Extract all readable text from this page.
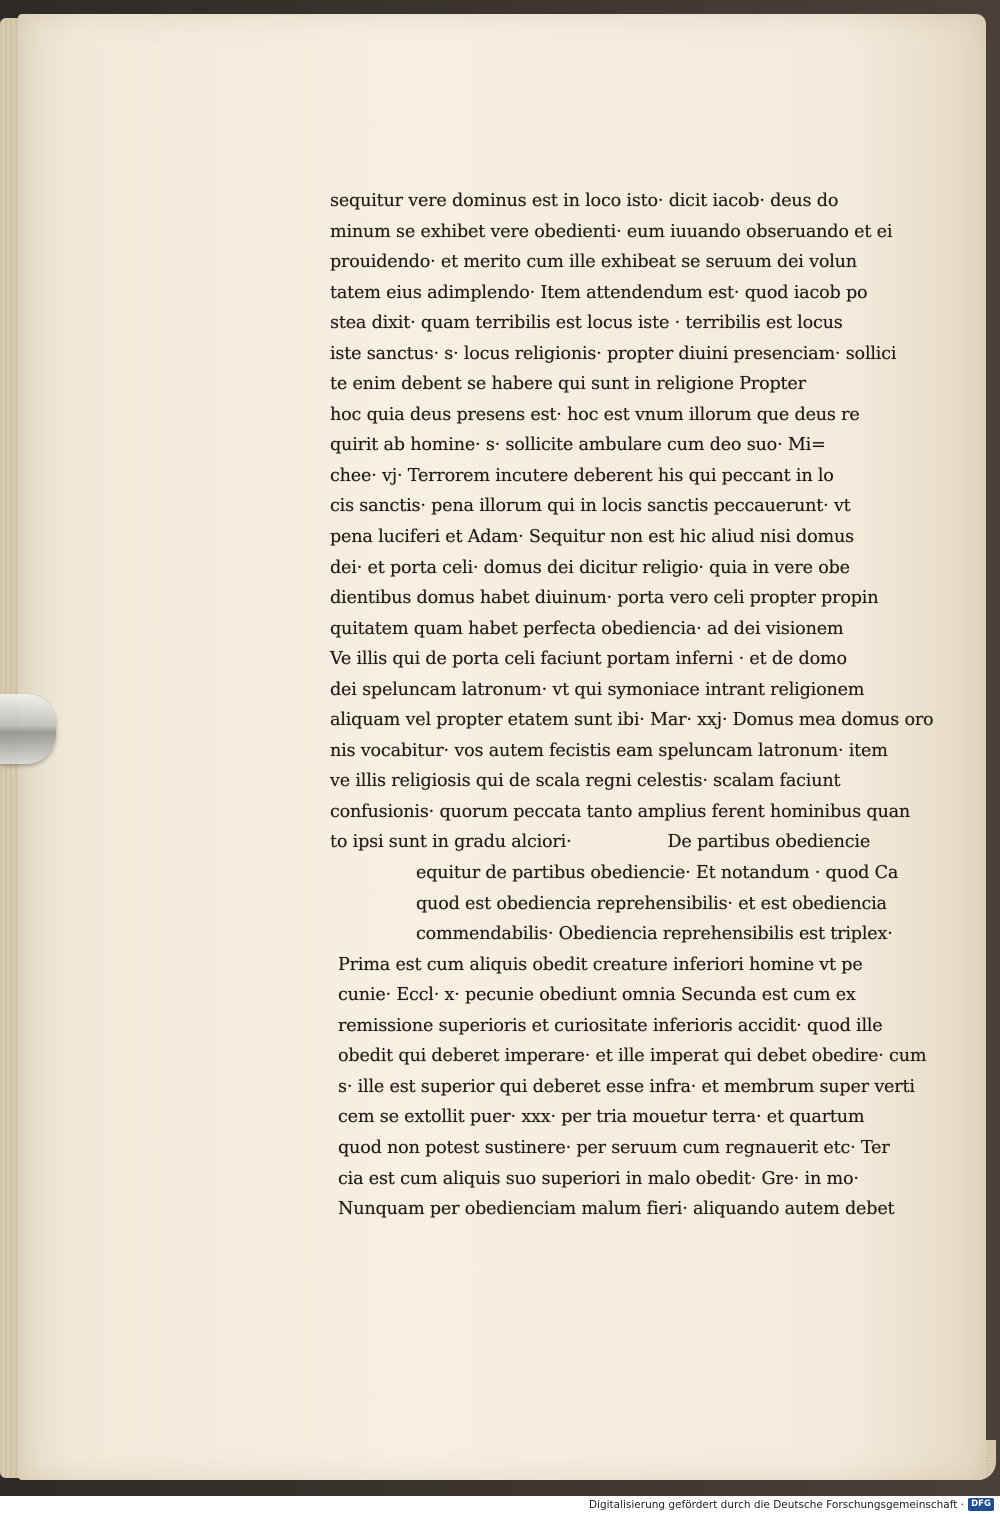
sequitur vere dominus est in loco isto· dicit iacob· deus do
minum se exhibet vere obedienti· eum iuuando obseruando et ei
prouidendo· et merito cum ille exhibeat se seruum dei volun
tatem eius adimplendo· Item attendendum est· quod iacob po
stea dixit· quam terribilis est locus iste · terribilis est locus
iste sanctus· s· locus religionis· propter diuini presenciam· sollici
te enim debent se habere qui sunt in religione Propter
hoc quia deus presens est· hoc est vnum illorum que deus re
quirit ab homine· s· sollicite ambulare cum deo suo· Mi=
chee· vj· Terrorem incutere deberent his qui peccant in lo
cis sanctis· pena illorum qui in locis sanctis peccauerunt· vt
pena luciferi et Adam· Sequitur non est hic aliud nisi domus
dei· et porta celi· domus dei dicitur religio· quia in vere obe
dientibus domus habet diuinum· porta vero celi propter propin
quitatem quam habet perfecta obediencia· ad dei visionem
Ve illis qui de porta celi faciunt portam inferni · et de domo
dei speluncam latronum· vt qui symoniace intrant religionem
aliquam vel propter etatem sunt ibi· Mar· xxj· Domus mea domus oro
nis vocabitur· vos autem fecistis eam speluncam latronum· item
ve illis religiosis qui de scala regni celestis· scalam faciunt
confusionis· quorum peccata tanto amplius ferent hominibus quan
to ipsi sunt in gradu alciori·	De partibus obediencie
equitur de partibus obediencie· Et notandum · quod Ca
quod est obediencia reprehensibilis· et est obediencia
commendabilis· Obediencia reprehensibilis est triplex·
Prima est cum aliquis obedit creature inferiori homine vt pe
cunie· Eccl· x· pecunie obediunt omnia Secunda est cum ex
remissione superioris et curiositate inferioris accidit· quod ille
obedit qui deberet imperare· et ille imperat qui debet obedire· cum
s· ille est superior qui deberet esse infra· et membrum super verti
cem se extollit puer· xxx· per tria mouetur terra· et quartum
quod non potest sustinere· per seruum cum regnauerit etc· Ter
cia est cum aliquis suo superiori in malo obedit· Gre· in mo·
Nunquam per obedienciam malum fieri· aliquando autem debet
Digitalisierung gefördert durch die Deutsche Forschungsgemeinschaft · DFG
